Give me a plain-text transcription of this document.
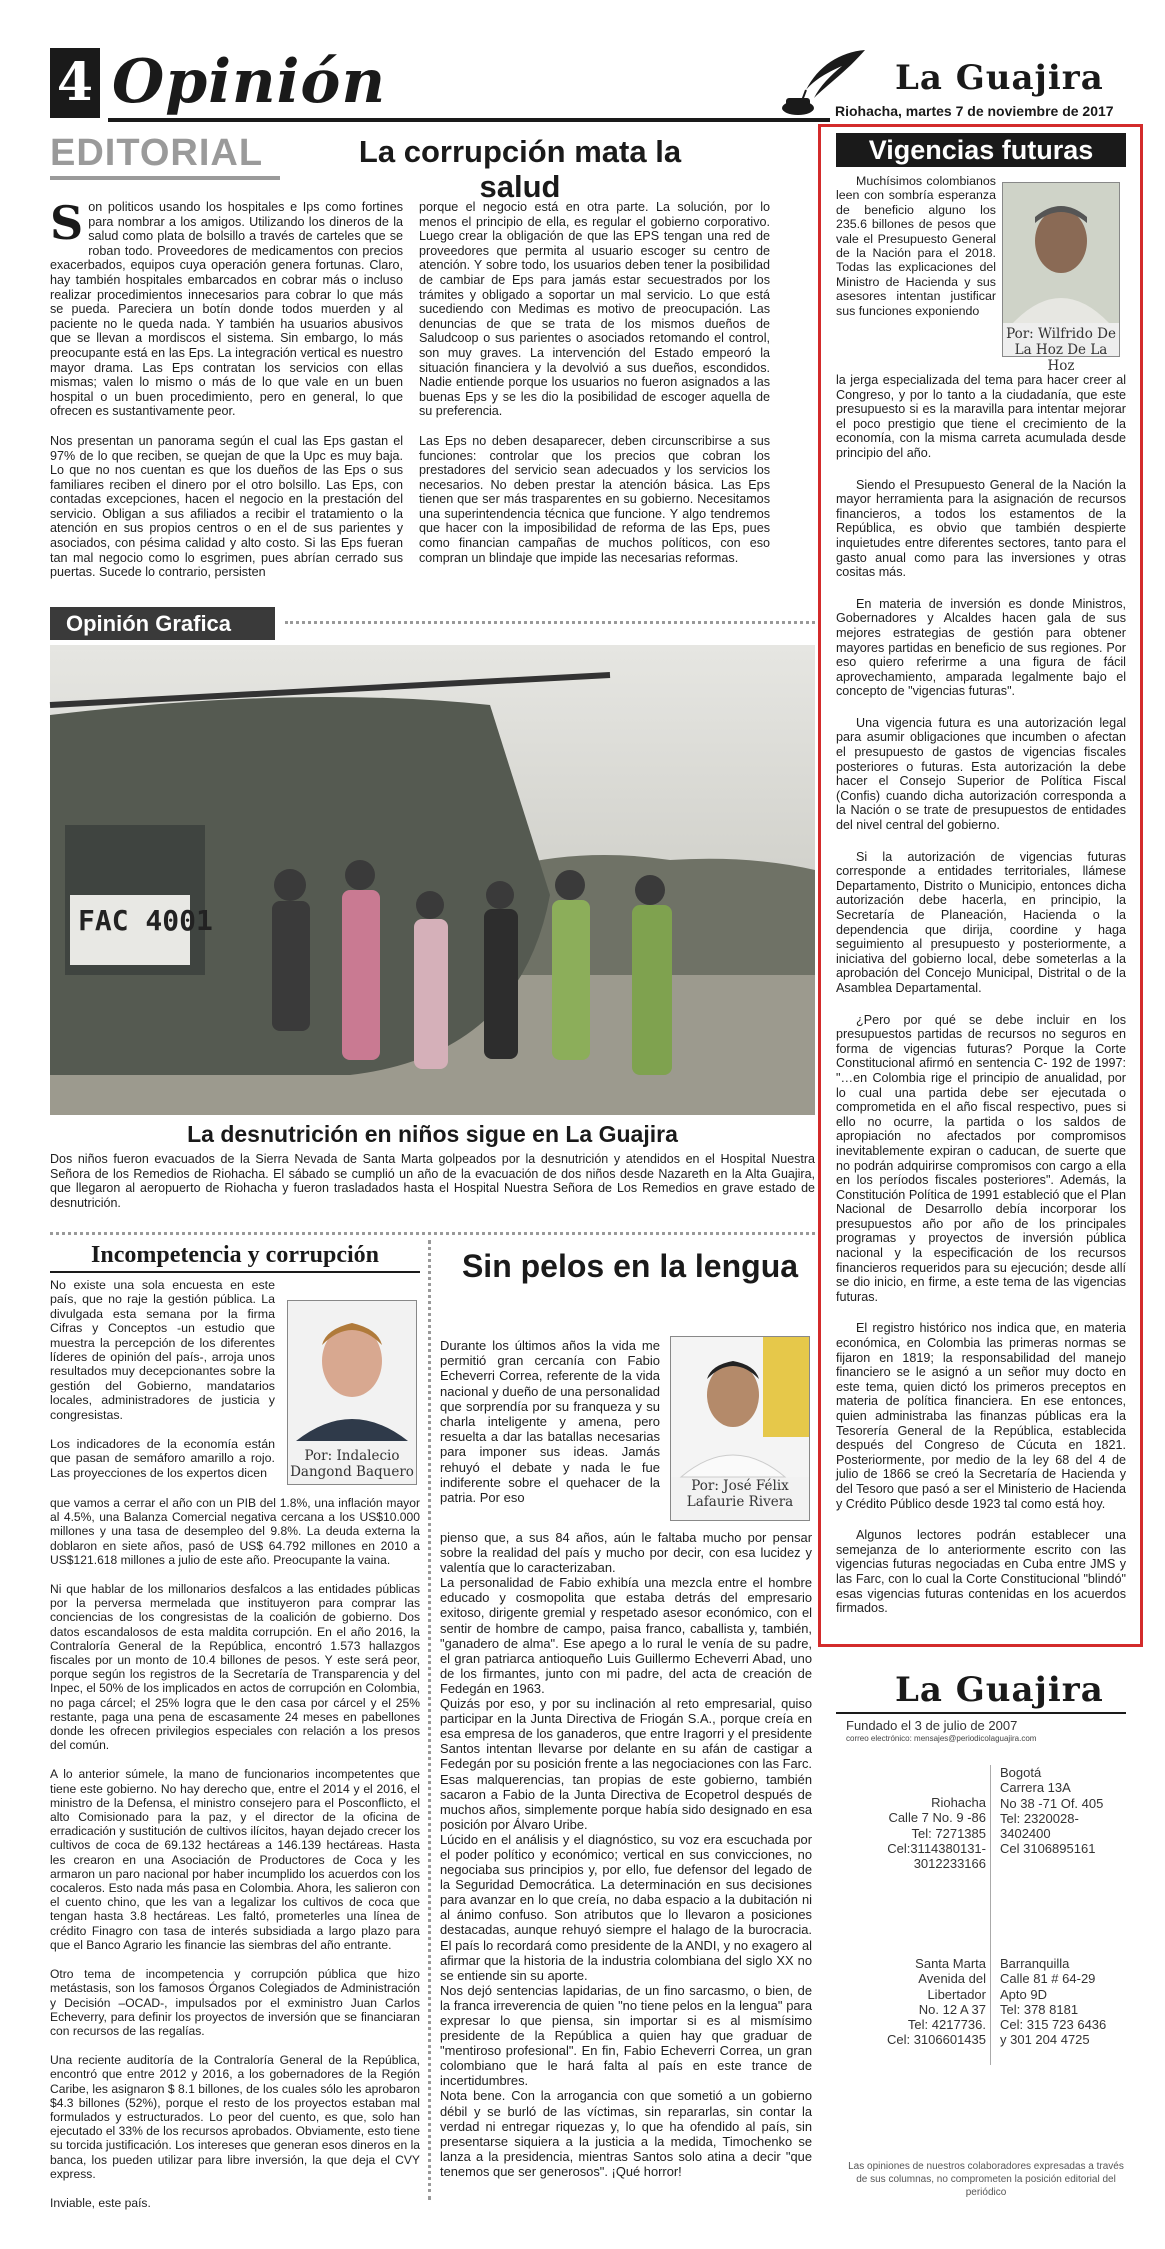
4 Opinión	La Guajira
Riohacha, martes 7 de noviembre de 2017
EDITORIAL	La corrupción mata la salud
S on politicos usando los hospitales e Ips como fortines para nombrar a los amigos. Utilizando los dineros de la salud como plata de bolsillo a través de carteles que se roban todo. Proveedores de medicamentos con precios exacerbados, equipos cuya operación genera fortunas. Claro, hay también hospitales embarcados en cobrar más o incluso realizar procedimientos innecesarios para cobrar lo que más se pueda. Pareciera un botín donde todos muerden y al paciente no le queda nada. Y también ha usuarios abusivos que se llevan a mordiscos el sistema. Sin embargo, lo más preocupante está en las Eps. La integración vertical es nuestro mayor drama. Las Eps contratan los servicios con ellas mismas; valen lo mismo o más de lo que vale en un buen hospital o un buen procedimiento, pero en general, lo que ofrecen es sustantivamente peor.

Nos presentan un panorama según el cual las Eps gastan el 97% de lo que reciben, se quejan de que la Upc es muy baja. Lo que no nos cuentan es que los dueños de las Eps o sus familiares reciben el dinero por el otro bolsillo. Las Eps, con contadas excepciones, hacen el negocio en la prestación del servicio. Obligan a sus afiliados a recibir el tratamiento o la atención en sus propios centros o en el de sus parientes y asociados, con pésima calidad y alto costo. Si las Eps fueran tan mal negocio como lo esgrimen, pues abrían cerrado sus puertas. Sucede lo contrario, persisten

porque el negocio está en otra parte. La solución, por lo menos el principio de ella, es regular el gobierno corporativo. Luego crear la obligación de que las EPS tengan una red de proveedores que permita al usuario escoger su centro de atención. Y sobre todo, los usuarios deben tener la posibilidad de cambiar de Eps para jamás estar secuestrados por los trámites y obligado a soportar un mal servicio. Lo que está sucediendo con Medimas es motivo de preocupación. Las denuncias de que se trata de los mismos dueños de Saludcoop o sus parientes o asociados retomando el control, son muy graves. La intervención del Estado empeoró la situación financiera y la devolvió a sus dueños, escondidos. Nadie entiende porque los usuarios no fueron asignados a las buenas Eps y se les dio la posibilidad de escoger aquella de su preferencia.

Las Eps no deben desaparecer, deben circunscribirse a sus funciones: controlar que los precios que cobran los prestadores del servicio sean adecuados y los servicios los necesarios. No deben prestar la atención básica. Las Eps tienen que ser más trasparentes en su gobierno. Necesitamos una superintendencia técnica que funcione. Y algo tendremos que hacer con la imposibilidad de reforma de las Eps, pues como financian campañas de muchos políticos, con eso compran un blindaje que impide las necesarias reformas.

Opinión Grafica
FAC 4001
La desnutrición en niños sigue en La Guajira
Dos niños fueron evacuados de la Sierra Nevada de Santa Marta golpeados por la desnutrición y atendidos en el Hospital Nuestra Señora de los Remedios de Riohacha. El sábado se cumplió un año de la evacuación de dos niños desde Nazareth en la Alta Guajira, que llegaron al aeropuerto de Riohacha y fueron trasladados hasta el Hospital Nuestra Señora de Los Remedios en grave estado de desnutrición.
Vigencias futuras
Por: Wilfrido De La Hoz De La Hoz
Muchísimos colombianos leen con sombría esperanza de beneficio alguno los 235.6 billones de pesos que vale el Presupuesto General de la Nación para el 2018. Todas las explicaciones del Ministro de Hacienda y sus asesores intentan justificar sus funciones exponiendo

la jerga especializada del tema para hacer creer al Congreso, y por lo tanto a la ciudadanía, que este presupuesto si es la maravilla para intentar mejorar el poco prestigio que tiene el crecimiento de la economía, con la misma carreta acumulada desde principio del año.

Siendo el Presupuesto General de la Nación la mayor herramienta para la asignación de recursos financieros, a todos los estamentos de la República, es obvio que también despierte inquietudes entre diferentes sectores, tanto para el gasto anual como para las inversiones y otras cositas más.

En materia de inversión es donde Ministros, Gobernadores y Alcaldes hacen gala de sus mejores estrategias de gestión para obtener mayores partidas en beneficio de sus regiones. Por eso quiero referirme a una figura de fácil aprovechamiento, amparada legalmente bajo el concepto de "vigencias futuras".

Una vigencia futura es una autorización legal para asumir obligaciones que incumben o afectan el presupuesto de gastos de vigencias fiscales posteriores o futuras. Esta autorización la debe hacer el Consejo Superior de Política Fiscal (Confis) cuando dicha autorización corresponda a la Nación o se trate de presupuestos de entidades del nivel central del gobierno.

Si la autorización de vigencias futuras corresponde a entidades territoriales, llámese Departamento, Distrito o Municipio, entonces dicha autorización debe hacerla, en principio, la Secretaría de Planeación, Hacienda o la dependencia que dirija, coordine y haga seguimiento al presupuesto y posteriormente, a iniciativa del gobierno local, debe someterlas a la aprobación del Concejo Municipal, Distrital o de la Asamblea Departamental.

¿Pero por qué se debe incluir en los presupuestos partidas de recursos no seguros en forma de vigencias futuras? Porque la Corte Constitucional afirmó en sentencia C- 192 de 1997: "…en Colombia rige el principio de anualidad, por lo cual una partida debe ser ejecutada o comprometida en el año fiscal respectivo, pues si ello no ocurre, la partida o los saldos de apropiación no afectados por compromisos inevitablemente expiran o caducan, de suerte que no podrán adquirirse compromisos con cargo a ella en los períodos fiscales posteriores". Además, la Constitución Política de 1991 estableció que el Plan Nacional de Desarrollo debía incorporar los presupuestos año por año de los principales programas y proyectos de inversión pública nacional y la especificación de los recursos financieros requeridos para su ejecución; desde allí se dio inicio, en firme, a este tema de las vigencias futuras.

El registro histórico nos indica que, en materia económica, en Colombia las primeras normas se fijaron en 1819; la responsabilidad del manejo financiero se le asignó a un señor muy docto en este tema, quien dictó los primeros preceptos en materia de política financiera. En ese entonces, quien administraba las finanzas públicas era la Tesorería General de la República, establecida después del Congreso de Cúcuta en 1821. Posteriormente, por medio de la ley 68 del 4 de julio de 1866 se creó la Secretaría de Hacienda y del Tesoro que pasó a ser el Ministerio de Hacienda y Crédito Público desde 1923 tal como está hoy.

Algunos lectores podrán establecer una semejanza de lo anteriormente escrito con las vigencias futuras negociadas en Cuba entre JMS y las Farc, con lo cual la Corte Constitucional "blindó" esas vigencias futuras contenidas en los acuerdos firmados.

Incompetencia y corrupción
Por: Indalecio Dangond Baquero

No existe una sola encuesta en este país, que no raje la gestión pública. La divulgada esta semana por la firma Cifras y Conceptos -un estudio que muestra la percepción de los diferentes líderes de opinión del país-, arroja unos resultados muy decepcionantes sobre la gestión del Gobierno, mandatarios locales, administradores de justicia y congresistas.

Los indicadores de la economía están que pasan de semáforo amarillo a rojo. Las proyecciones de los expertos dicen

que vamos a cerrar el año con un PIB del 1.8%, una inflación mayor al 4.5%, una Balanza Comercial negativa cercana a los US$10.000 millones y una tasa de desempleo del 9.8%. La deuda externa la doblaron en siete años, pasó de US$ 64.792 millones en 2010 a US$121.618 millones a julio de este año. Preocupante la vaina.

Ni que hablar de los millonarios desfalcos a las entidades públicas por la perversa mermelada que instituyeron para comprar las conciencias de los congresistas de la coalición de gobierno. Dos datos escandalosos de esta maldita corrupción. En el año 2016, la Contraloría General de la República, encontró 1.573 hallazgos fiscales por un monto de 10.4 billones de pesos. Y este será peor, porque según los registros de la Secretaría de Transparencia y del Inpec, el 50% de los implicados en actos de corrupción en Colombia, no paga cárcel; el 25% logra que le den casa por cárcel y el 25% restante, paga una pena de escasamente 24 meses en pabellones donde les ofrecen privilegios especiales con relación a los presos del común.

A lo anterior súmele, la mano de funcionarios incompetentes que tiene este gobierno. No hay derecho que, entre el 2014 y el 2016, el ministro de la Defensa, el ministro consejero para el Posconflicto, el alto Comisionado para la paz, y el director de la oficina de erradicación y sustitución de cultivos ilícitos, hayan dejado crecer los cultivos de coca de 69.132 hectáreas a 146.139 hectáreas. Hasta les crearon en una Asociación de Productores de Coca y les armaron un paro nacional por haber incumplido los acuerdos con los cocaleros. Esto nada más pasa en Colombia. Ahora, les salieron con el cuento chino, que les van a legalizar los cultivos de coca que tengan hasta 3.8 hectáreas. Les faltó, prometerles una línea de crédito Finagro con tasa de interés subsidiada a largo plazo para que el Banco Agrario les financie las siembras del año entrante.

Otro tema de incompetencia y corrupción pública que hizo metástasis, son los famosos Órganos Colegiados de Administración y Decisión –OCAD-, impulsados por el exministro Juan Carlos Echeverry, para definir los proyectos de inversión que se financiaran con recursos de las regalías.

Una reciente auditoría de la Contraloría General de la República, encontró que entre 2012 y 2016, a los gobernadores de la Región Caribe, les asignaron $ 8.1 billones, de los cuales sólo les aprobaron $4.3 billones (52%), porque el resto de los proyectos estaban mal formulados y estructurados. Lo peor del cuento, es que, solo han ejecutado el 33% de los recursos aprobados. Obviamente, esto tiene su torcida justificación. Los intereses que generan esos dineros en la banca, los pueden utilizar para libre inversión, la que deja el CVY express.

Inviable, este país.

Sin pelos en la lengua
Por: José Félix Lafaurie Rivera
Durante los últimos años la vida me permitió gran cercanía con Fabio Echeverri Correa, referente de la vida nacional y dueño de una personalidad que sorprendía por su franqueza y su charla inteligente y amena, pero resuelta a dar las batallas necesarias para imponer sus ideas. Jamás rehuyó el debate y nada le fue indiferente sobre el quehacer de la patria. Por eso

pienso que, a sus 84 años, aún le faltaba mucho por pensar sobre la realidad del país y mucho por decir, con esa lucidez y valentía que lo caracterizaban.

La personalidad de Fabio exhibía una mezcla entre el hombre educado y cosmopolita que estaba detrás del empresario exitoso, dirigente gremial y respetado asesor económico, con el sentir de hombre de campo, paisa franco, caballista y, también, "ganadero de alma". Ese apego a lo rural le venía de su padre, el gran patriarca antioqueño Luis Guillermo Echeverri Abad, uno de los firmantes, junto con mi padre, del acta de creación de Fedegán en 1963.

Quizás por eso, y por su inclinación al reto empresarial, quiso participar en la Junta Directiva de Friogán S.A., porque creía en esa empresa de los ganaderos, que entre Iragorri y el presidente Santos intentan llevarse por delante en su afán de castigar a Fedegán por su posición frente a las negociaciones con las Farc. Esas malquerencias, tan propias de este gobierno, también sacaron a Fabio de la Junta Directiva de Ecopetrol después de muchos años, simplemente porque había sido designado en esa posición por Álvaro Uribe.

Lúcido en el análisis y el diagnóstico, su voz era escuchada por el poder político y económico; vertical en sus convicciones, no negociaba sus principios y, por ello, fue defensor del legado de la Seguridad Democrática. La determinación en sus decisiones para avanzar en lo que creía, no daba espacio a la dubitación ni al ánimo confuso. Son atributos que lo llevaron a posiciones destacadas, aunque rehuyó siempre el halago de la burocracia. El país lo recordará como presidente de la ANDI, y no exagero al afirmar que la historia de la industria colombiana del siglo XX no se entiende sin su aporte.

Nos dejó sentencias lapidarias, de un fino sarcasmo, o bien, de la franca irreverencia de quien "no tiene pelos en la lengua" para expresar lo que piensa, sin importar si es al mismísimo presidente de la República a quien hay que graduar de "mentiroso profesional". En fin, Fabio Echeverri Correa, un gran colombiano que le hará falta al país en este trance de incertidumbres.

Nota bene. Con la arrogancia con que sometió a un gobierno débil y se burló de las víctimas, sin repararlas, sin contar la verdad ni entregar riquezas y, lo que ha ofendido al país, sin presentarse siquiera a la justicia a la medida, Timochenko se lanza a la presidencia, mientras Santos solo atina a decir "que tenemos que ser generosos". ¡Qué horror!

La Guajira
Fundado el 3 de julio de 2007
correo electrónico: mensajes@periodicolaguajira.com
Riohacha
Calle 7 No. 9 -86
Tel: 7271385
Cel:3114380131-
3012233166
Bogotá
Carrera 13A
No 38 -71 Of. 405
Tel: 2320028-
3402400
Cel 3106895161
Santa Marta
Avenida del
Libertador
No. 12 A 37
Tel: 4217736.
Cel: 3106601435
Barranquilla
Calle 81 # 64-29
Apto 9D
Tel: 378 8181
Cel: 315 723 6436
y 301 204 4725
Las opiniones de nuestros colaboradores expresadas a través de sus columnas, no comprometen la posición editorial del periódico
